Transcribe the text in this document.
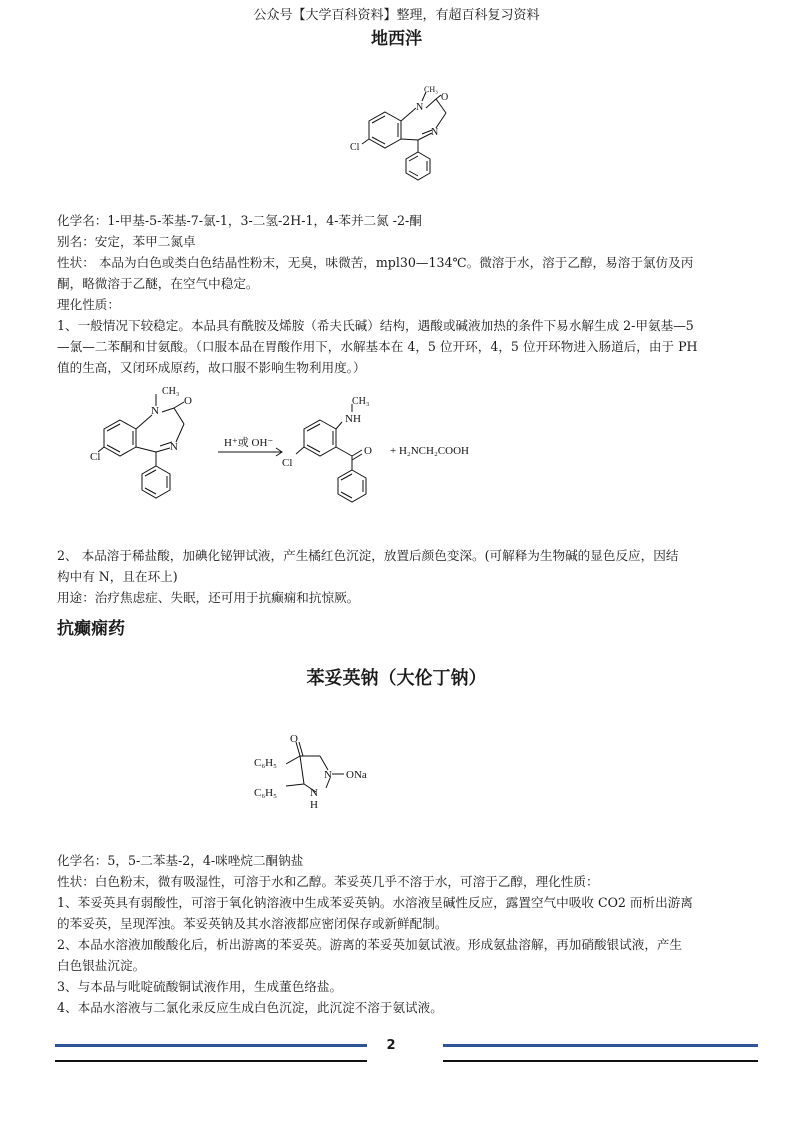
公众号【大学百科资料】整理，有超百科复习资料
地西泮
N
CH₃
O
N
Cl

化学名：1-甲基-5-苯基-7-氯-1，3-二氢-2H-1，4-苯并二氮 -2-酮

别名：安定，苯甲二氮卓

性状： 本品为白色或类白色结晶性粉末，无臭，味微苦，mpl30—134℃。微溶于水，溶于乙醇，易溶于氯仿及丙

酮，略微溶于乙醚，在空气中稳定。

理化性质：

1、一般情况下较稳定。本品具有酰胺及烯胺（希夫氏碱）结构，遇酸或碱液加热的条件下易水解生成 2-甲氨基—5

—氯—二苯酮和甘氨酸。（口服本品在胃酸作用下，水解基本在 4，5 位开环，4，5 位开环物进入肠道后，由于 PH

值的生高，又闭环成原药，故口服不影响生物利用度。）

CH₃
N
O
N
Cl
H⁺或 OH⁻
CH₃
NH
O
Cl
+ H₂NCH₂COOH

2、 本品溶于稀盐酸，加碘化铋钾试液，产生橘红色沉淀，放置后颜色变深。(可解释为生物碱的显色反应，因结

构中有 N，且在环上)

用途：治疗焦虑症、失眠，还可用于抗癫痫和抗惊厥。

抗癫痫药
苯妥英钠（大伦丁钠）
O
C₆H₅
C₆H₅
N
N
H
ONa

化学名：5，5-二苯基-2，4-咪唑烷二酮钠盐

性状：白色粉末，微有吸湿性，可溶于水和乙醇。苯妥英几乎不溶于水，可溶于乙醇，理化性质：

1、苯妥英具有弱酸性，可溶于氧化钠溶液中生成苯妥英钠。水溶液呈碱性反应，露置空气中吸收 CO2 而析出游离

的苯妥英，呈现浑浊。苯妥英钠及其水溶液都应密闭保存或新鲜配制。

2、本品水溶液加酸酸化后，析出游离的苯妥英。游离的苯妥英加氨试液。形成氨盐溶解，再加硝酸银试液，产生

白色银盐沉淀。

3、与本品与吡啶硫酸铜试液作用，生成董色络盐。

4、本品水溶液与二氯化汞反应生成白色沉淀，此沉淀不溶于氨试液。

2
